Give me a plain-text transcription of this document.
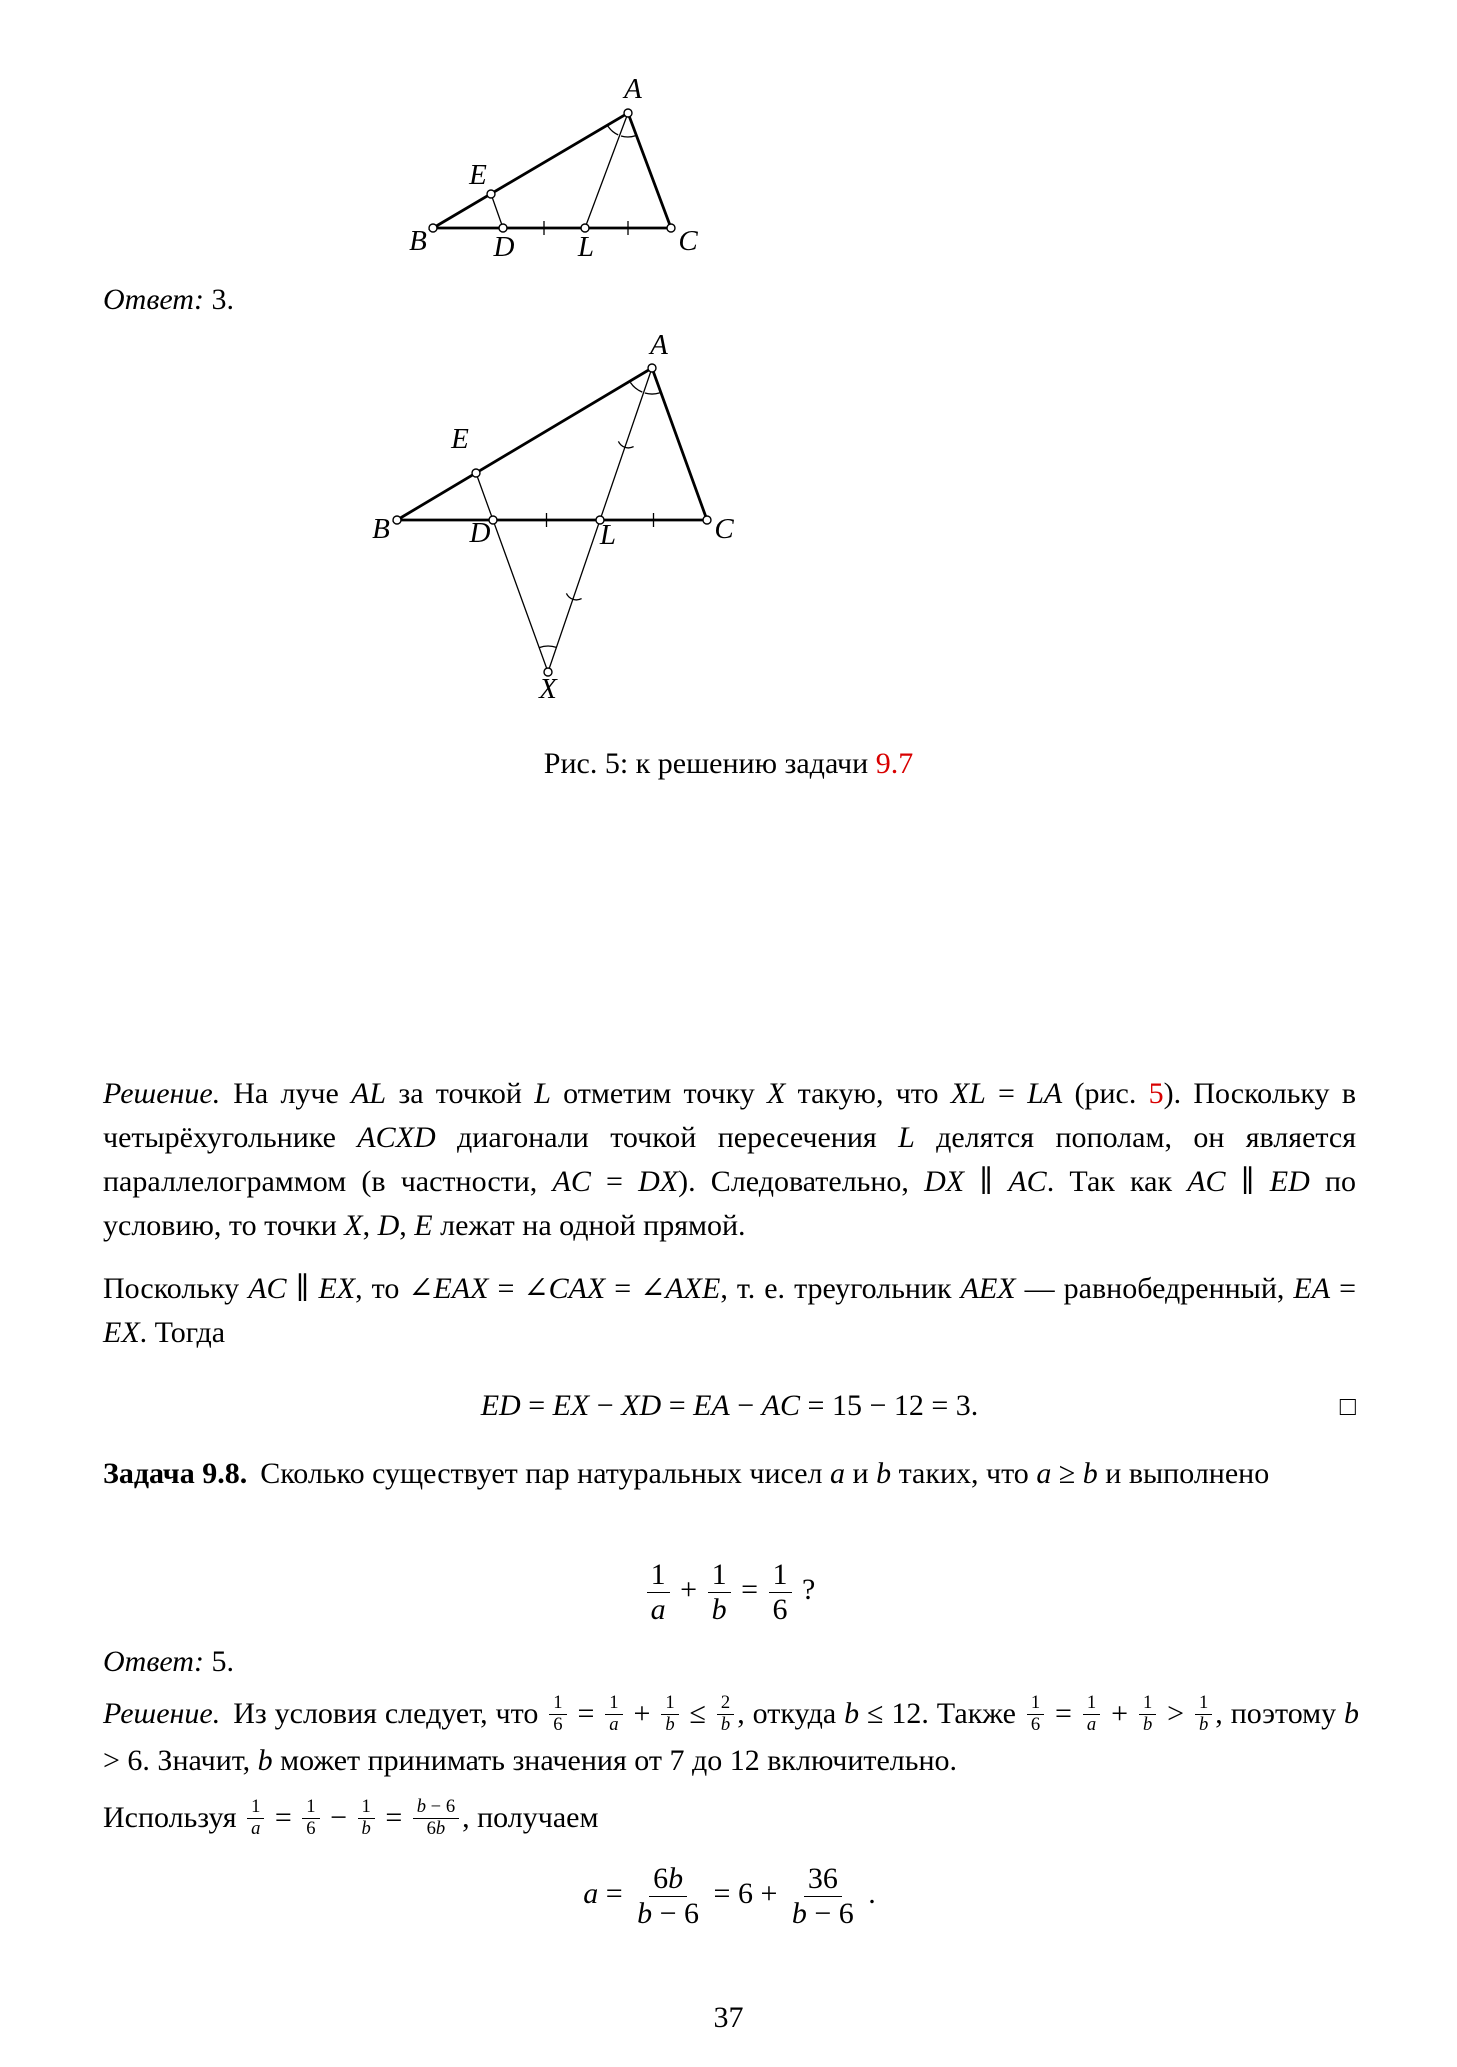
A
B	C
E
D L
Ответ: 3.
A
B	C
E
D	L
X
Рис. 5: к решению задачи 9.7
Решение. На луче AL за точкой L отметим точку X такую, что XL = LA (рис. 5). Поскольку в четырёхугольнике ACXD диагонали точкой пересечения L делятся пополам, он является параллелограммом (в частности, AC = DX). Следовательно, DX ∥ AC. Так как AC ∥ ED по условию, то точки X, D, E лежат на одной прямой.
Поскольку AC ∥ EX, то ∠EAX = ∠CAX = ∠AXE, т. е. треугольник AEX — равнобедренный, EA = EX. Тогда
ED = EX − XD = EA − AC = 15 − 12 = 3.	□
Задача 9.8. Сколько существует пар натуральных чисел a и b таких, что a ≥ b и выполнено
$\frac{1}{a} + \frac{1}{b} = \frac{1}{6}$ ?
Ответ: 5.
Решение. Из условия следует, что $\frac{1}{6} = \frac{1}{a} + \frac{1}{b} \le \frac{2}{b}$ , откуда b ≤ 12. Также $\frac{1}{6} = \frac{1}{a} + \frac{1}{b} > \frac{1}{b}$ , поэтому b > 6. Значит, b может принимать значения от 7 до 12 включительно.
Используя $\frac{1}{a} = \frac{1}{6} - \frac{1}{b} = \frac{b - 6}{6b}$ , получаем
$a = \frac{6b}{b - 6} = 6 + \frac{36}{b - 6}$ .
37
